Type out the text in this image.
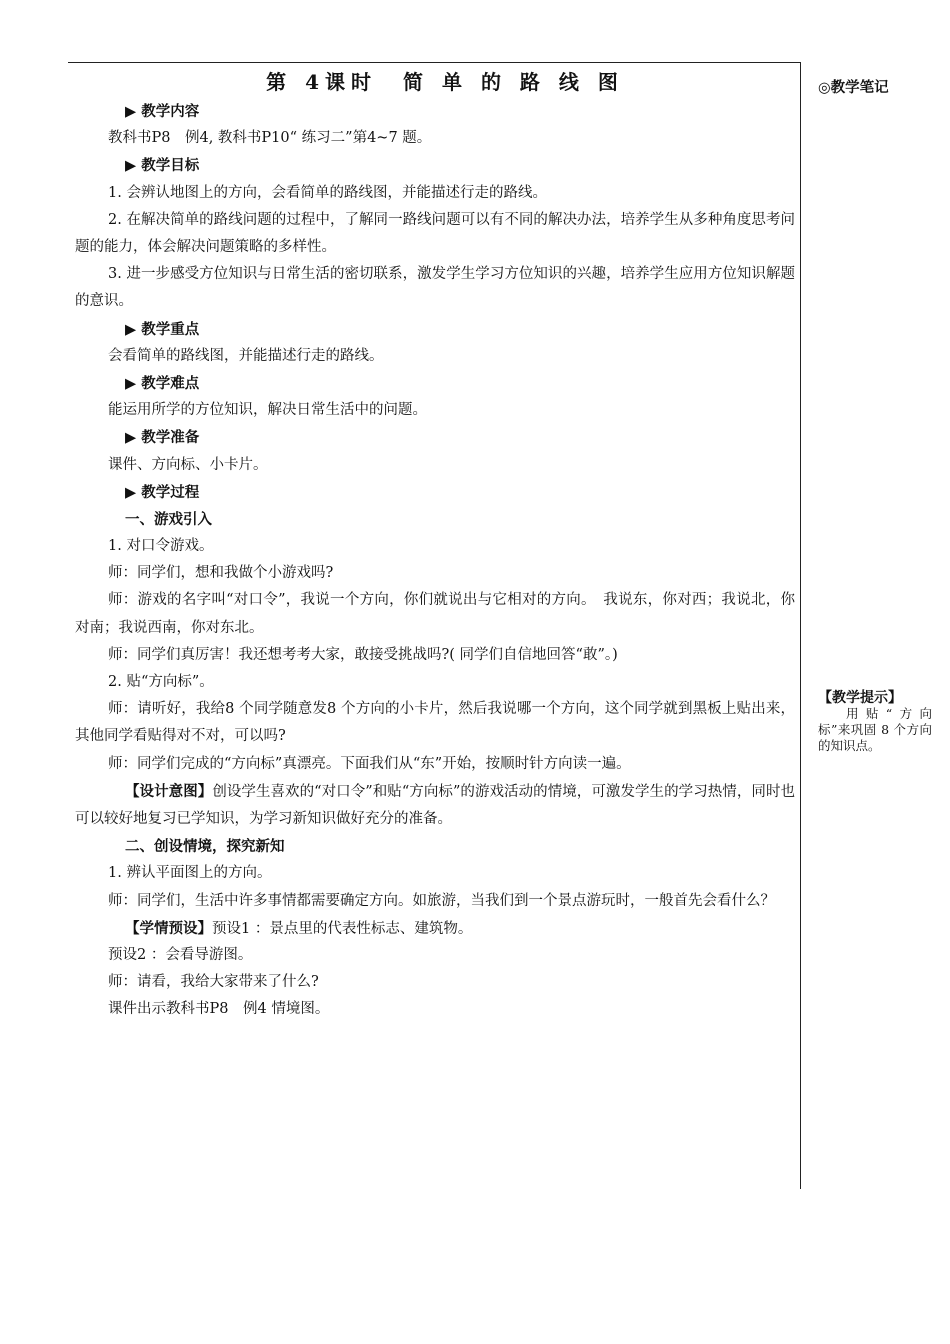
第 4课时　简 单 的 路 线 图
▶ 教学内容
教科书P8　例4, 教科书P10“ 练习二”第4~7 题。
▶ 教学目标
1. 会辨认地图上的方向，会看简单的路线图，并能描述行走的路线。
2. 在解决简单的路线问题的过程中，了解同一路线问题可以有不同的解决办法，培养学生从多种角度思考问题的能力，体会解决问题策略的多样性。
3. 进一步感受方位知识与日常生活的密切联系，激发学生学习方位知识的兴趣，培养学生应用方位知识解题的意识。
▶ 教学重点
会看简单的路线图，并能描述行走的路线。
▶ 教学难点
能运用所学的方位知识，解决日常生活中的问题。
▶ 教学准备
课件、方向标、小卡片。
▶ 教学过程
一、游戏引入
1. 对口令游戏。
师：同学们，想和我做个小游戏吗?
师：游戏的名字叫“对口令”，我说一个方向，你们就说出与它相对的方向。　我说东，你对西；我说北，你对南；我说西南，你对东北。
师：同学们真厉害！我还想考考大家，敢接受挑战吗?( 同学们自信地回答“敢”。)
2. 贴“方向标”。
师：请听好，我给8 个同学随意发8 个方向的小卡片，然后我说哪一个方向，这个同学就到黑板上贴出来，其他同学看贴得对不对，可以吗?
师：同学们完成的“方向标”真漂亮。下面我们从“东”开始，按顺时针方向读一遍。
【设计意图】创设学生喜欢的“对口令”和贴“方向标”的游戏活动的情境，可激发学生的学习热情，同时也可以较好地复习已学知识，为学习新知识做好充分的准备。
二、创设情境，探究新知
1. 辨认平面图上的方向。
师：同学们，生活中许多事情都需要确定方向。如旅游，当我们到一个景点游玩时，一般首先会看什么？
【学情预设】预设1 ：景点里的代表性标志、建筑物。
预设2 ：会看导游图。
师：请看，我给大家带来了什么?
课件出示教科书P8　例4 情境图。
◎教学笔记
【教学提示】
用贴“方向标”来巩固 8 个方向的知识点。
